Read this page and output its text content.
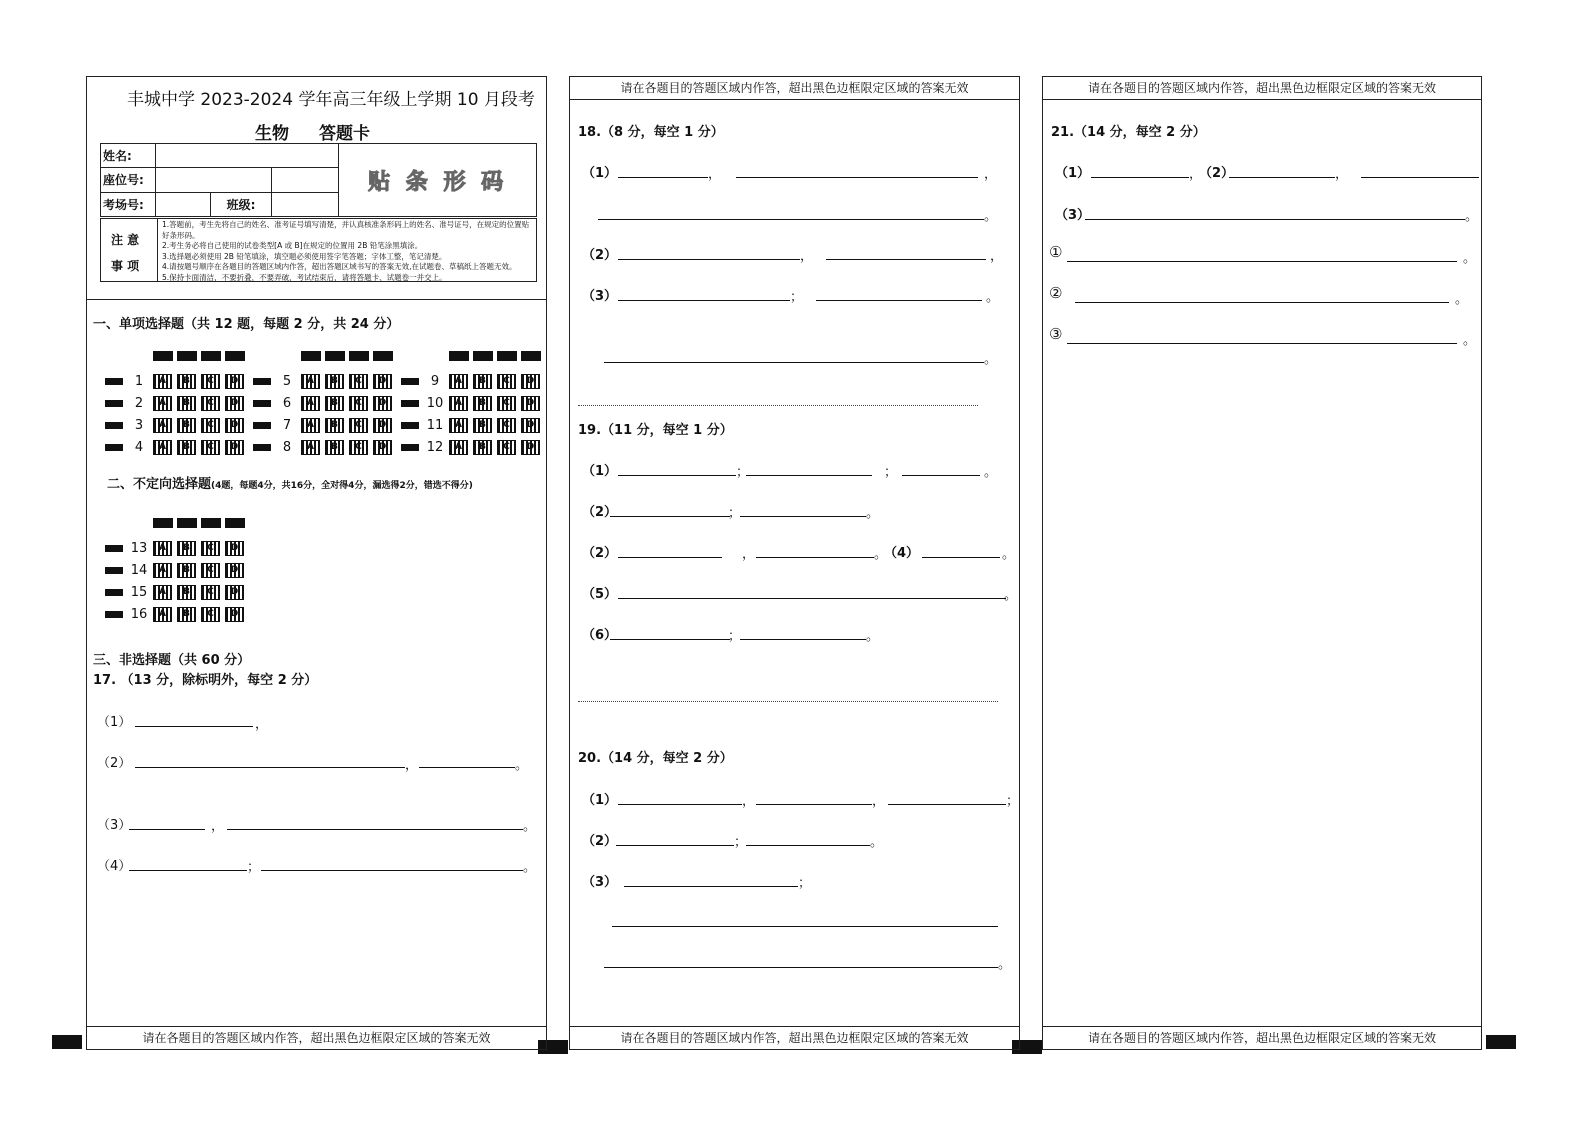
请在各题目的答题区域内作答，超出黑色边框限定区域的答案无效
丰城中学 2023-2024 学年高三年级上学期 10 月段考
生物 答题卡
姓名:				贴 条 形 码
座位号:				
考场号:		班级:		
注 意
事 项
1.答题前，考生先将自己的姓名、准考证号填写清楚，并认真核准条形码上的姓名、准号证号，在规定的位置贴好条形码。
2.考生务必将自己使用的试卷类型[A 或 B]在规定的位置用 2B 铅笔涂黑填涂。
3.选择题必须使用 2B 铅笔填涂，填空题必须使用签字笔答题；字体工整，笔记清楚。
4.请按题号顺序在各题目的答题区域内作答，超出答题区域书写的答案无效,在试题卷、草稿纸上答题无效。
5.保持卡面清洁，不要折叠，不要弄破，考试结束后，请将答题卡、试题卷一并交上。
一、单项选择题（共 12 题，每题 2 分，共 24 分）
1	A	B	C	D
2	A	B	C	D
3	A	B	C	D
4	A	B	C	D
5	A	B	C	D
6	A	B	C	D
7	A	B	C	D
8	A	B	C	D
9	A	B	C	D
10	A	B	C	D
11	A	B	C	D
12	A	B	C	D
二、不定向选择题(4题，每题4分，共16分，全对得4分，漏选得2分，错选不得分)
13	A	B	C	D
14	A	B	C	D
15	A	B	C	D
16	A	B	C	D
三、非选择题（共 60 分）
17. （13 分，除标明外，每空 2 分）
（1）	，
（2）	，	。
（3）	，	。
（4）	；	。
请在各题目的答题区域内作答，超出黑色边框限定区域的答案无效
请在各题目的答题区域内作答，超出黑色边框限定区域的答案无效
18.（8 分，每空 1 分）
（1）	，	，
。
（2）	，	，
（3）	；	。
。
19.（11 分，每空 1 分）
（1）	；	；	。
（2）	；	。
（2）	，	。
（4）	。
（5）	。
（6）	；	。
20.（14 分，每空 2 分）
（1）	，	，	；
（2）	；	。
（3）	；
。
请在各题目的答题区域内作答，超出黑色边框限定区域的答案无效
请在各题目的答题区域内作答，超出黑色边框限定区域的答案无效
21.（14 分，每空 2 分）
（1）	，
（2）	，
（3）	。
①	。
②	。
③	。
